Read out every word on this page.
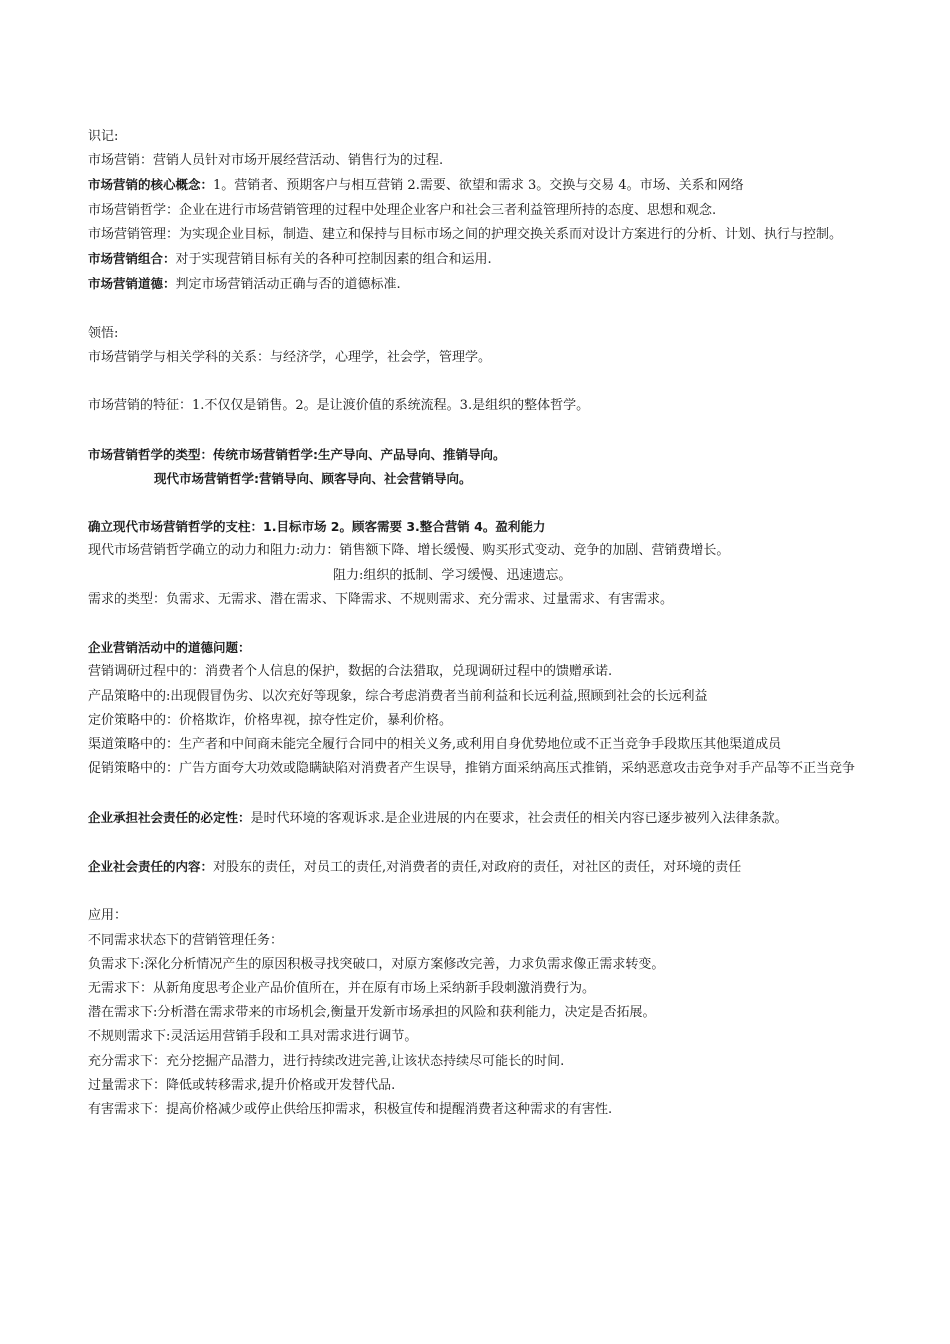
识记:
市场营销：营销人员针对市场开展经营活动、销售行为的过程.
市场营销的核心概念：1。营销者、预期客户与相互营销 2.需要、欲望和需求 3。交换与交易 4。市场、关系和网络
市场营销哲学：企业在进行市场营销管理的过程中处理企业客户和社会三者利益管理所持的态度、思想和观念.
市场营销管理：为实现企业目标，制造、建立和保持与目标市场之间的护理交换关系而对设计方案进行的分析、计划、执行与控制。
市场营销组合：对于实现营销目标有关的各种可控制因素的组合和运用.
市场营销道德：判定市场营销活动正确与否的道德标准.
领悟:
市场营销学与相关学科的关系：与经济学，心理学，社会学，管理学。
市场营销的特征：1.不仅仅是销售。2。是让渡价值的系统流程。3.是组织的整体哲学。
市场营销哲学的类型：传统市场营销哲学:生产导向、产品导向、推销导向。
现代市场营销哲学:营销导向、顾客导向、社会营销导向。
确立现代市场营销哲学的支柱：1.目标市场 2。顾客需要 3.整合营销 4。盈利能力
现代市场营销哲学确立的动力和阻力:动力：销售额下降、增长缓慢、购买形式变动、竞争的加剧、营销费增长。
阻力:组织的抵制、学习缓慢、迅速遗忘。
需求的类型：负需求、无需求、潜在需求、下降需求、不规则需求、充分需求、过量需求、有害需求。
企业营销活动中的道德问题：
营销调研过程中的：消费者个人信息的保护，数据的合法猎取，兑现调研过程中的馈赠承诺.
产品策略中的:出现假冒伪劣、以次充好等现象，综合考虑消费者当前利益和长远利益,照顾到社会的长远利益
定价策略中的：价格欺诈，价格卑视，掠夺性定价，暴利价格。
渠道策略中的：生产者和中间商未能完全履行合同中的相关义务,或利用自身优势地位或不正当竞争手段欺压其他渠道成员
促销策略中的：广告方面夸大功效或隐瞒缺陷对消费者产生误导，推销方面采纳高压式推销，采纳恶意攻击竞争对手产品等不正当竞争
企业承担社会责任的必定性：是时代环境的客观诉求.是企业进展的内在要求，社会责任的相关内容已逐步被列入法律条款。
企业社会责任的内容：对股东的责任，对员工的责任,对消费者的责任,对政府的责任，对社区的责任，对环境的责任
应用：
不同需求状态下的营销管理任务：
负需求下:深化分析情况产生的原因积极寻找突破口，对原方案修改完善，力求负需求像正需求转变。
无需求下：从新角度思考企业产品价值所在，并在原有市场上采纳新手段刺激消费行为。
潜在需求下:分析潜在需求带来的市场机会,衡量开发新市场承担的风险和获利能力，决定是否拓展。
不规则需求下:灵活运用营销手段和工具对需求进行调节。
充分需求下：充分挖掘产品潜力，进行持续改进完善,让该状态持续尽可能长的时间.
过量需求下：降低或转移需求,提升价格或开发替代品.
有害需求下：提高价格减少或停止供给压抑需求，积极宣传和提醒消费者这种需求的有害性.
